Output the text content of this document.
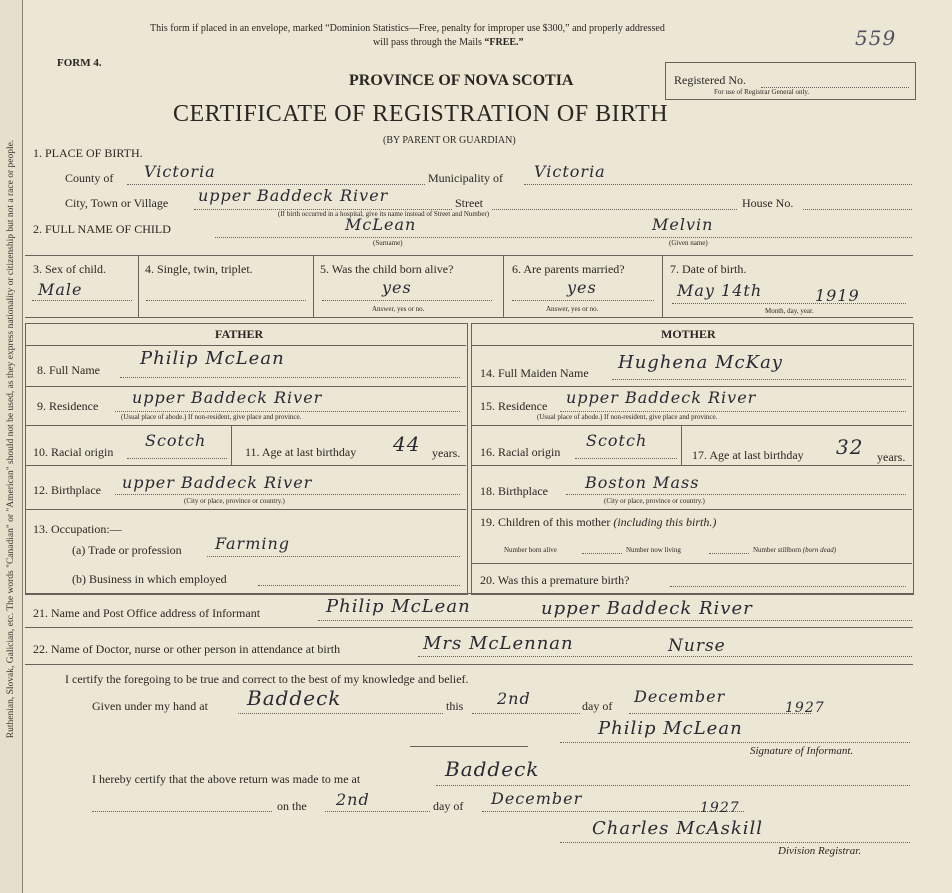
Ruthenian, Slovak, Galician, etc. The words "Canadian" or "American" should not be used, as they express nationality or citizenship but not a race or people.
This form if placed in an envelope, marked “Dominion Statistics—Free, penalty for improper use $300,” and properly addressed
will pass through the Mails “FREE.”	559
FORM 4.
PROVINCE OF NOVA SCOTIA
CERTIFICATE OF REGISTRATION OF BIRTH
(BY PARENT OR GUARDIAN)
Registered No.
For use of Registrar General only.
1. PLACE OF BIRTH.
County of Victoria	Municipality of Victoria
City, Town or Village upper Baddeck River	Street	House No.
(If birth occurred in a hospital, give its name instead of Street and Number)
2. FULL NAME OF CHILD	McLean	Melvin
(Surname)	(Given name)
3. Sex of child.
Male
4. Single, twin, triplet.	5. Was the child born alive?
yes
Answer, yes or no.
6. Are parents married?
yes
Answer, yes or no.
7. Date of birth.
May 14th	1919
Month, day, year.
FATHER	MOTHER
8. Full Name
Philip McLean
9. Residence upper Baddeck River
(Usual place of abode.) If non-resident, give place and province.
10. Racial origin
Scotch
11. Age at last birthday 44 years.
12. Birthplace upper Baddeck River
(City or place, province or country.)
13. Occupation:—
(a) Trade or profession Farming
(b) Business in which employed
14. Full Maiden Name Hughena McKay
15. Residence upper Baddeck River
(Usual place of abode.) If non-resident, give place and province.
16. Racial origin
Scotch
17. Age at last birthday 32 years.
18. Birthplace Boston Mass
(City or place, province or country.)
19. Children of this mother (including this birth.)
Number born alive	Number now living	Number stillborn (born dead)
20. Was this a premature birth?
21. Name and Post Office address of Informant	Philip McLean	upper Baddeck River
22. Name of Doctor, nurse or other person in attendance at birth	Mrs McLennan	Nurse
I certify the foregoing to be true and correct to the best of my knowledge and belief.
Given under my hand at Baddeck	this 2nd	day of December
1927
Philip McLean
Signature of Informant.
I hereby certify that the above return was made to me at	Baddeck
on the 2nd	day of December	1927
Charles McAskill
Division Registrar.
